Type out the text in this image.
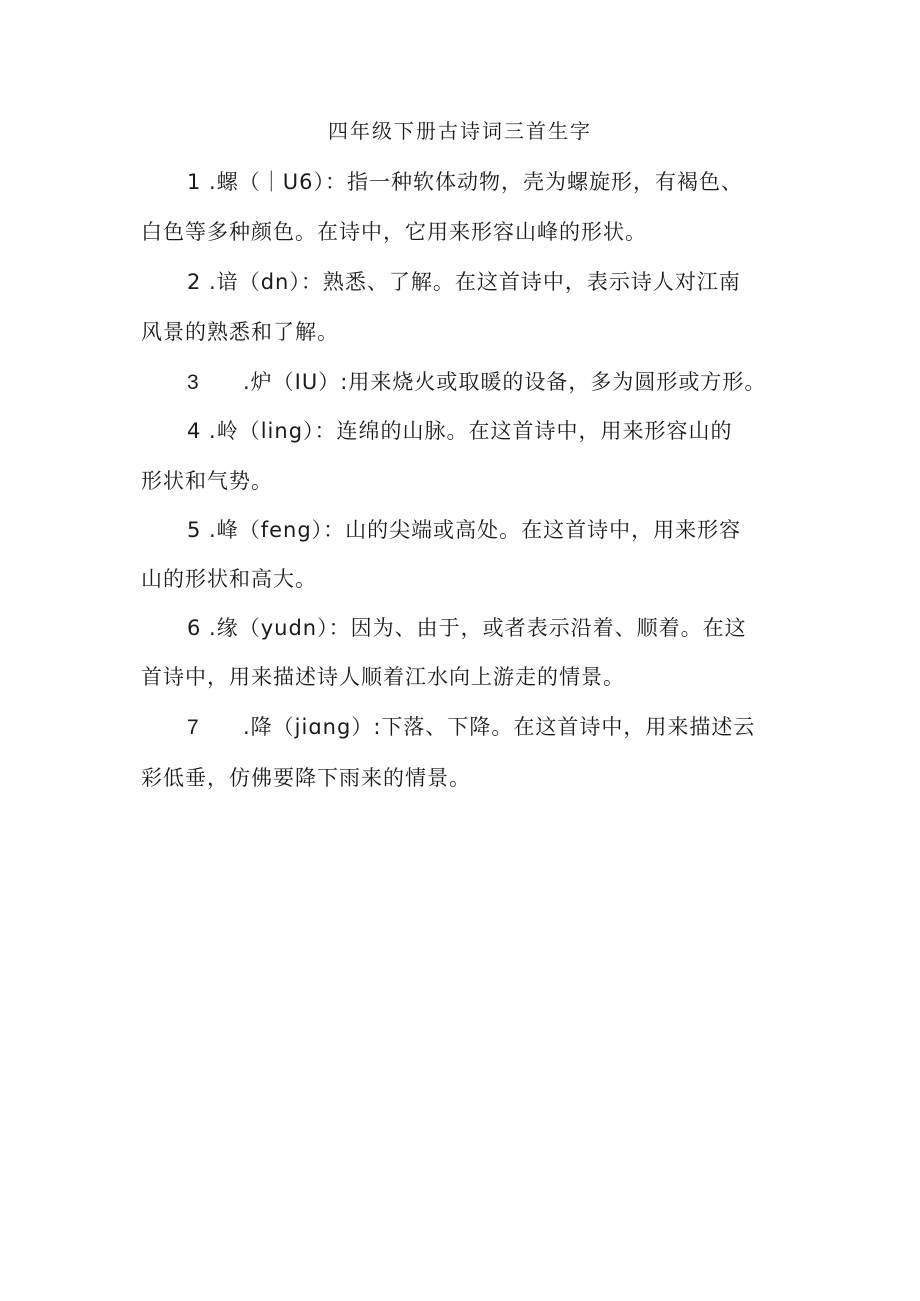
四年级下册古诗词三首生字
1 .螺（｜U6）：指一种软体动物，壳为螺旋形，有褐色、
白色等多种颜色。在诗中，它用来形容山峰的形状。
2 .谙（dn）：熟悉、了解。在这首诗中，表示诗人对江南
风景的熟悉和了解。
3 .炉（IU）:用来烧火或取暖的设备，多为圆形或方形。
4 .岭（ling）：连绵的山脉。在这首诗中，用来形容山的
形状和气势。
5 .峰（feng）：山的尖端或高处。在这首诗中，用来形容
山的形状和高大。
6 .缘（yudn）：因为、由于，或者表示沿着、顺着。在这
首诗中，用来描述诗人顺着江水向上游走的情景。
7 .降（jiɑng）:下落、下降。在这首诗中，用来描述云
彩低垂，仿佛要降下雨来的情景。
